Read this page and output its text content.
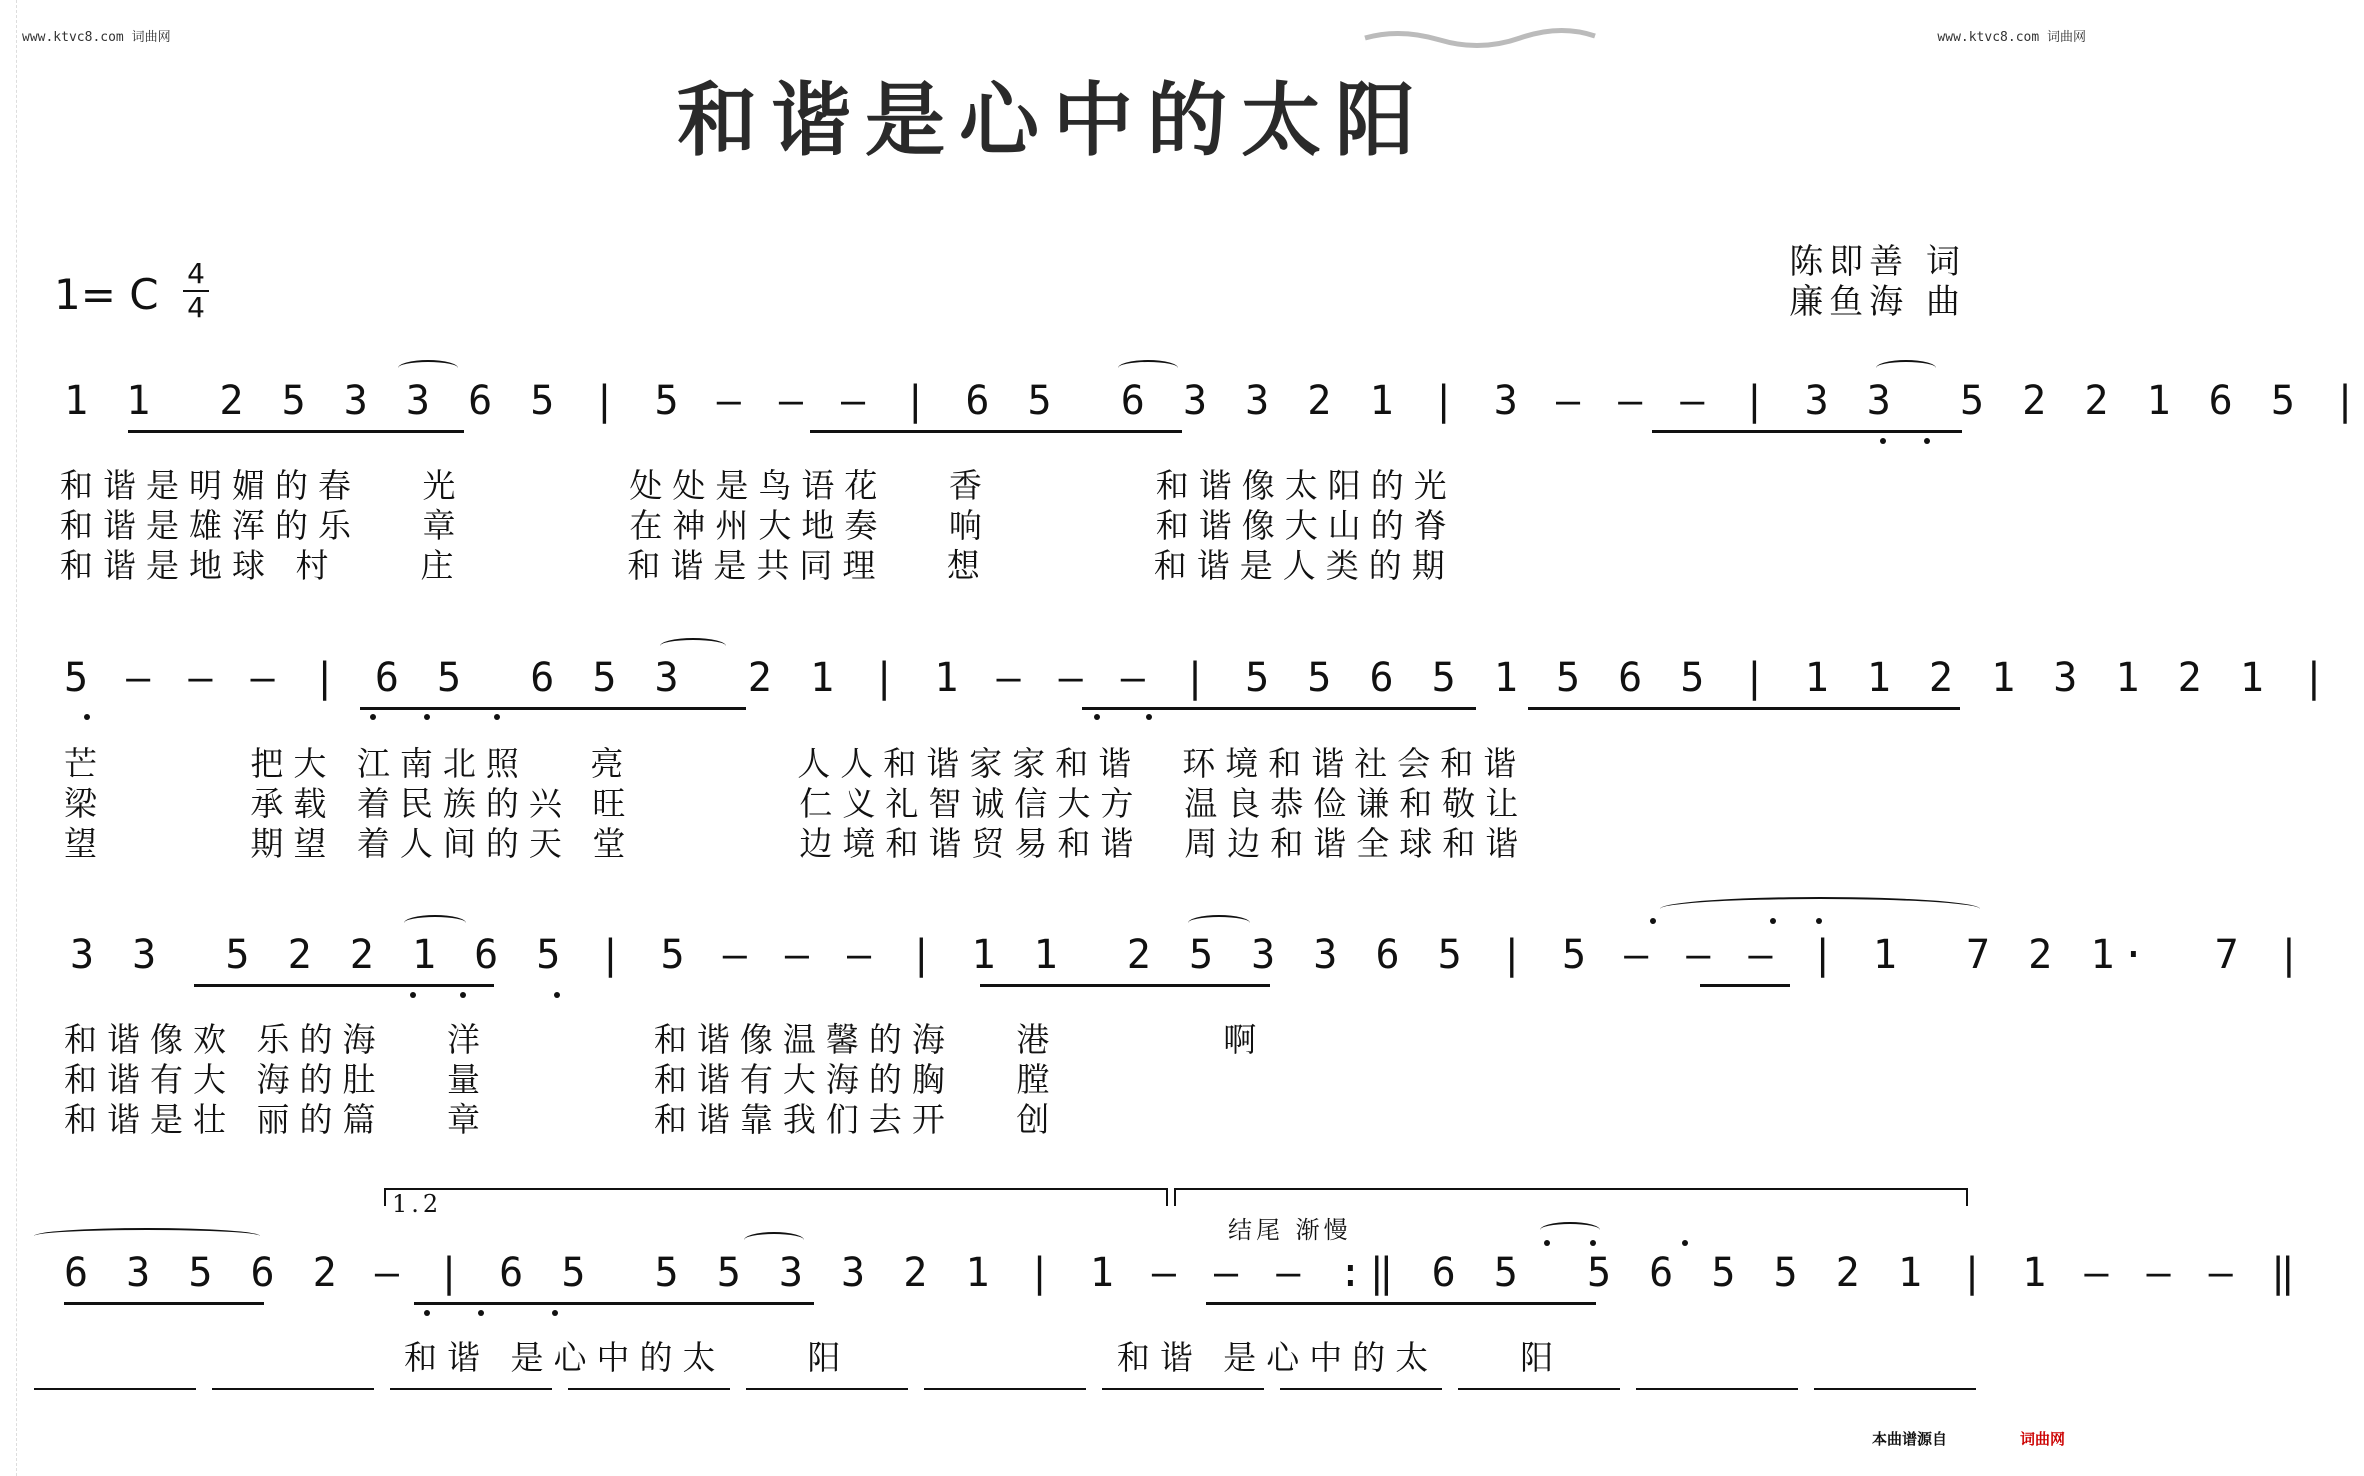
www.ktvc8.com 词曲网	www.ktvc8.com 词曲网
和谐是心中的太阳
1= C 4
4
陈即善 词
廉鱼海 曲
1 1  2 5 3 3 6 5 | 5 — — — | 6 5  6 3 3 2 1 | 3 — — — | 3 3  5 2 2 1 6 5 |
和谐是明媚的春   光        处处是鸟语花   香        和谐像太阳的光
和谐是雄浑的乐   章        在神州大地奏   响        和谐像大山的脊
和谐是地球 村    庄        和谐是共同理   想        和谐是人类的期
5 — — — | 6 5  6 5 3  2 1 | 1 — — — | 5 5 6 5 1 5 6 5 | 1 1 2 1 3 1 2 1 |
芒       把大 江南北照   亮        人人和谐家家和谐  环境和谐社会和谐
梁       承载 着民族的兴 旺        仁义礼智诚信大方  温良恭俭谦和敬让
望       期望 着人间的天 堂        边境和谐贸易和谐  周边和谐全球和谐
3 3  5 2 2 1 6 5 | 5 — — — | 1 1  2 5 3 3 6 5 | 5 — — — | 1  7 2 1·  7 |
和谐像欢 乐的海   洋        和谐像温馨的海   港        啊
和谐有大 海的肚   量        和谐有大海的胸   膛
和谐是壮 丽的篇   章        和谐靠我们去开   创
1.2
结尾 渐慢
6 3 5 6 2 — | 6 5  5 5 3 3 2 1 | 1 — — — :‖ 6 5  5 6 5 5 2 1 | 1 — — — ‖
和谐 是心中的太    阳             和谐 是心中的太    阳
本曲谱源自	词曲网
